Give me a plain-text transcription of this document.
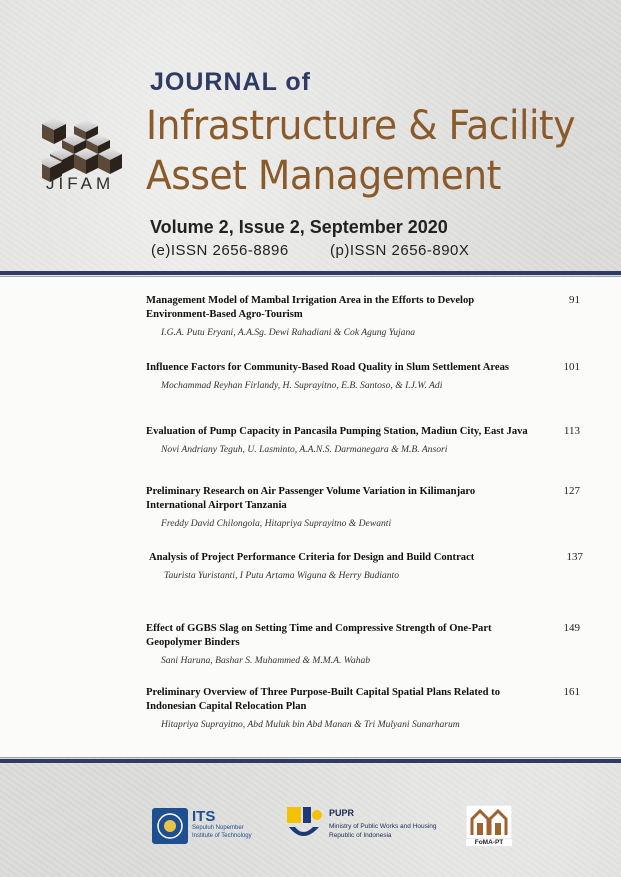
JIFAM
JOURNAL of
Infrastructure & Facility
Asset Management
Volume 2, Issue 2, September 2020
(e)ISSN 2656-8896	(p)ISSN 2656-890X
Management Model of Mambal Irrigation Area in the Efforts to Develop Environment-Based Agro-Tourism
I.G.A. Putu Eryani, A.A.Sg. Dewi Rahadiani & Cok Agung Yujana
91
Influence Factors for Community-Based Road Quality in Slum Settlement Areas
Mochammad Reyhan Firlandy, H. Suprayitno, E.B. Santoso, & I.J.W. Adi
101
Evaluation of Pump Capacity in Pancasila Pumping Station, Madiun City, East Java
Novi Andriany Teguh, U. Lasminto, A.A.N.S. Darmanegara & M.B. Ansori
113
Preliminary Research on Air Passenger Volume Variation in Kilimanjaro International Airport Tanzania
Freddy David Chilongola, Hitapriya Suprayitno & Dewanti
127
Analysis of Project Performance Criteria for Design and Build Contract
Taurista Yuristanti, I Putu Artama Wiguna & Herry Budianto
137
Effect of GGBS Slag on Setting Time and Compressive Strength of One-Part Geopolymer Binders
Sani Haruna, Bashar S. Muhammed & M.M.A. Wahab
149
Preliminary Overview of Three Purpose-Built Capital Spatial Plans Related to Indonesian Capital Relocation Plan
Hitapriya Suprayitno, Abd Muluk bin Abd Manan & Tri Mulyani Sunarharum
161
ITS
Sepuluh Nopember
Institute of Technology
PUPR
Ministry of Public Works and Housing
Republic of Indonesia
FoMA-PT
